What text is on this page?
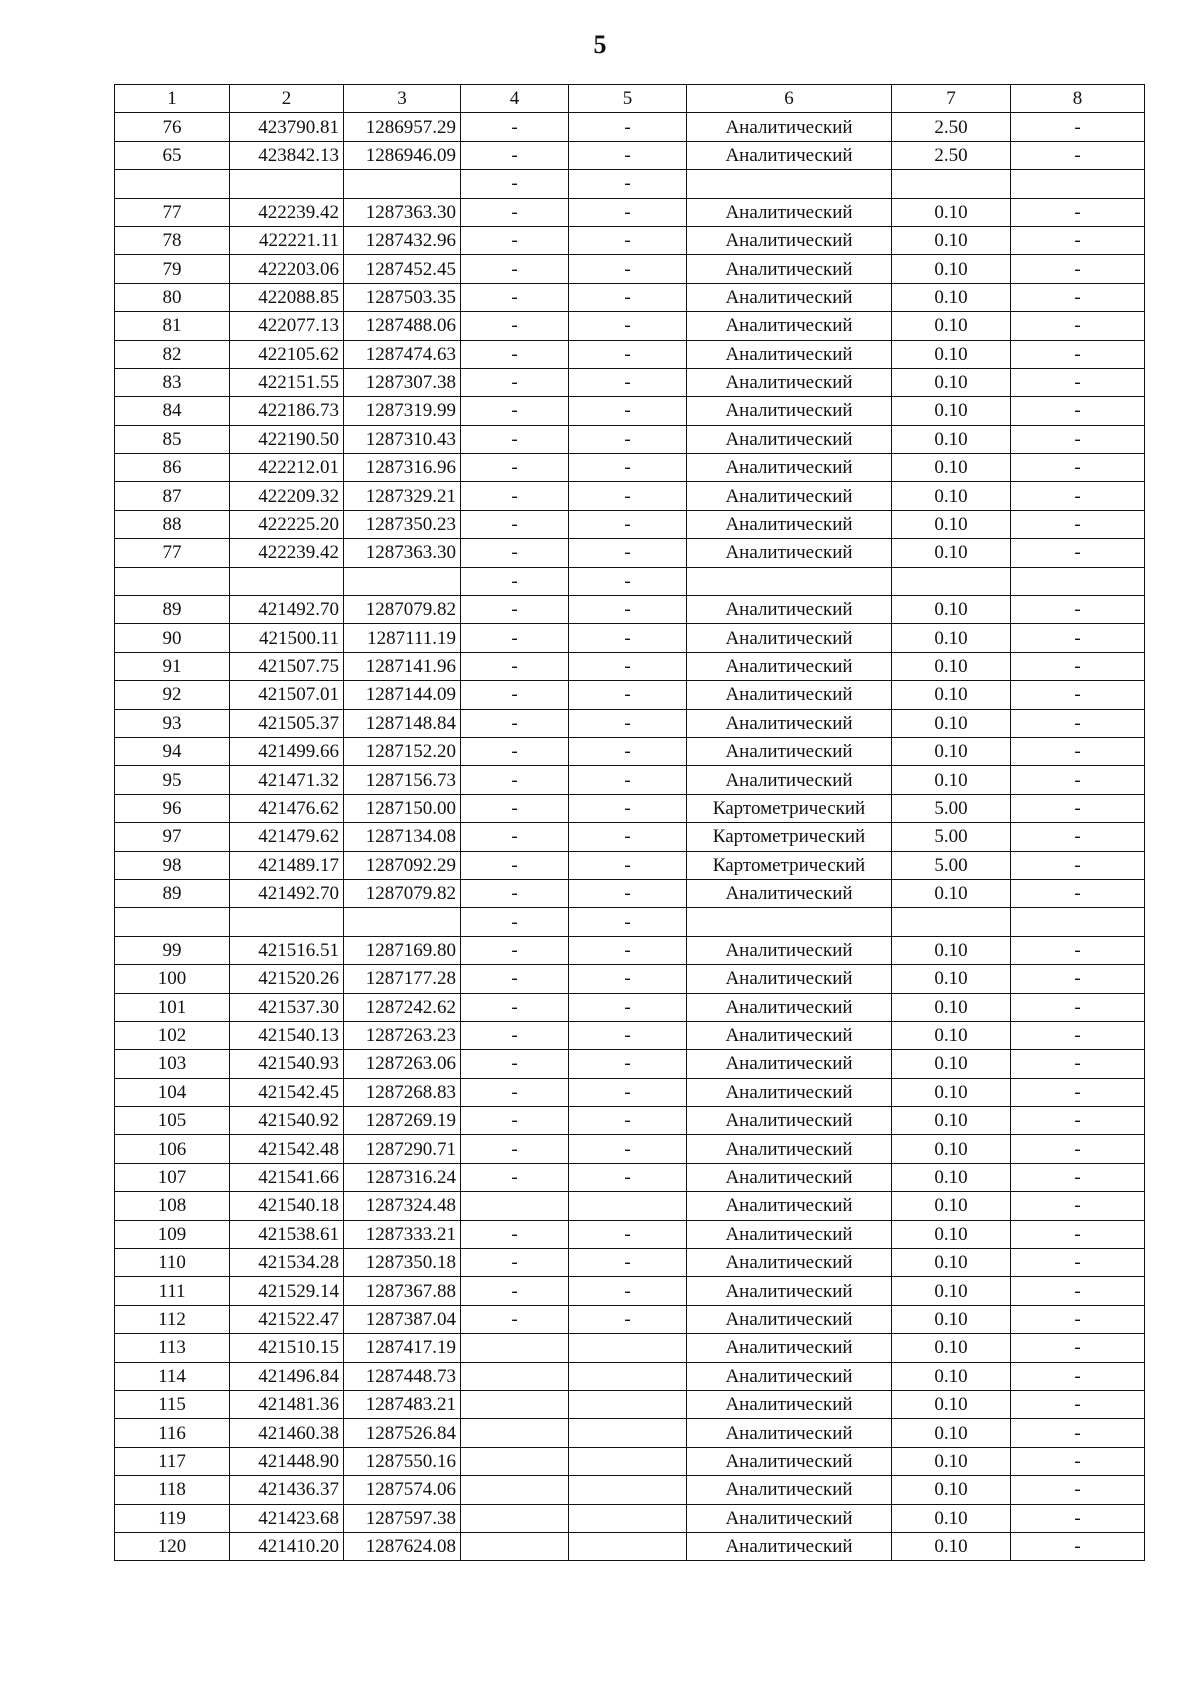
5
1	2	3	4	5	6	7	8
76	423790.81	1286957.29	-	-	Аналитический	2.50	-
65	423842.13	1286946.09	-	-	Аналитический	2.50	-
			-	-			
77	422239.42	1287363.30	-	-	Аналитический	0.10	-
78	422221.11	1287432.96	-	-	Аналитический	0.10	-
79	422203.06	1287452.45	-	-	Аналитический	0.10	-
80	422088.85	1287503.35	-	-	Аналитический	0.10	-
81	422077.13	1287488.06	-	-	Аналитический	0.10	-
82	422105.62	1287474.63	-	-	Аналитический	0.10	-
83	422151.55	1287307.38	-	-	Аналитический	0.10	-
84	422186.73	1287319.99	-	-	Аналитический	0.10	-
85	422190.50	1287310.43	-	-	Аналитический	0.10	-
86	422212.01	1287316.96	-	-	Аналитический	0.10	-
87	422209.32	1287329.21	-	-	Аналитический	0.10	-
88	422225.20	1287350.23	-	-	Аналитический	0.10	-
77	422239.42	1287363.30	-	-	Аналитический	0.10	-
			-	-			
89	421492.70	1287079.82	-	-	Аналитический	0.10	-
90	421500.11	1287111.19	-	-	Аналитический	0.10	-
91	421507.75	1287141.96	-	-	Аналитический	0.10	-
92	421507.01	1287144.09	-	-	Аналитический	0.10	-
93	421505.37	1287148.84	-	-	Аналитический	0.10	-
94	421499.66	1287152.20	-	-	Аналитический	0.10	-
95	421471.32	1287156.73	-	-	Аналитический	0.10	-
96	421476.62	1287150.00	-	-	Картометрический	5.00	-
97	421479.62	1287134.08	-	-	Картометрический	5.00	-
98	421489.17	1287092.29	-	-	Картометрический	5.00	-
89	421492.70	1287079.82	-	-	Аналитический	0.10	-
			-	-			
99	421516.51	1287169.80	-	-	Аналитический	0.10	-
100	421520.26	1287177.28	-	-	Аналитический	0.10	-
101	421537.30	1287242.62	-	-	Аналитический	0.10	-
102	421540.13	1287263.23	-	-	Аналитический	0.10	-
103	421540.93	1287263.06	-	-	Аналитический	0.10	-
104	421542.45	1287268.83	-	-	Аналитический	0.10	-
105	421540.92	1287269.19	-	-	Аналитический	0.10	-
106	421542.48	1287290.71	-	-	Аналитический	0.10	-
107	421541.66	1287316.24	-	-	Аналитический	0.10	-
108	421540.18	1287324.48			Аналитический	0.10	-
109	421538.61	1287333.21	-	-	Аналитический	0.10	-
110	421534.28	1287350.18	-	-	Аналитический	0.10	-
111	421529.14	1287367.88	-	-	Аналитический	0.10	-
112	421522.47	1287387.04	-	-	Аналитический	0.10	-
113	421510.15	1287417.19			Аналитический	0.10	-
114	421496.84	1287448.73			Аналитический	0.10	-
115	421481.36	1287483.21			Аналитический	0.10	-
116	421460.38	1287526.84			Аналитический	0.10	-
117	421448.90	1287550.16			Аналитический	0.10	-
118	421436.37	1287574.06			Аналитический	0.10	-
119	421423.68	1287597.38			Аналитический	0.10	-
120	421410.20	1287624.08			Аналитический	0.10	-
